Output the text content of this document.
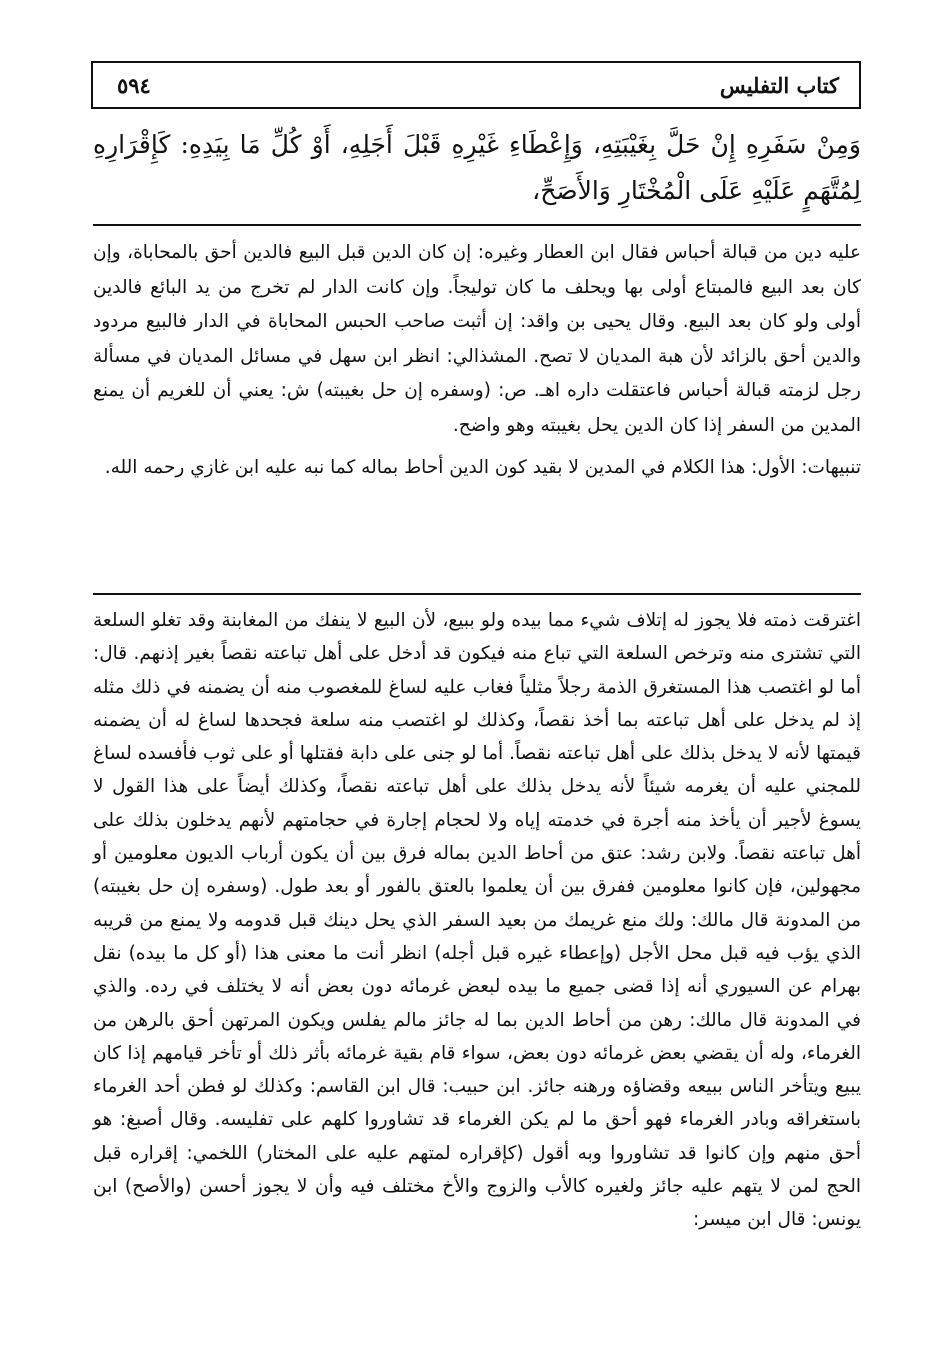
٥٩٤	كتاب التفليس
وَمِنْ سَفَرِهِ إِنْ حَلَّ بِغَيْبَتِهِ، وَإِعْطَاءِ غَيْرِهِ قَبْلَ أَجَلِهِ، أَوْ كُلِّ مَا بِيَدِهِ: كَإِقْرَارِهِ لِمُتَّهَمٍ عَلَيْهِ عَلَى الْمُخْتَارِ وَالأَصَحِّ،

عليه دين من قبالة أحباس فقال ابن العطار وغيره: إن كان الدين قبل البيع فالدين أحق بالمحاباة، وإن كان بعد البيع فالمبتاع أولى بها ويحلف ما كان توليجاً. وإن كانت الدار لم تخرج من يد البائع فالدين أولى ولو كان بعد البيع. وقال يحيى بن واقد: إن أثبت صاحب الحبس المحاباة في الدار فالبيع مردود والدين أحق بالزائد لأن هبة المديان لا تصح. المشذالي: انظر ابن سهل في مسائل المديان في مسألة رجل لزمته قبالة أحباس فاعتقلت داره اهـ. ص: (وسفره إن حل بغيبته) ش: يعني أن للغريم أن يمنع المدين من السفر إذا كان الدين يحل بغيبته وهو واضح.

تنبيهات: الأول: هذا الكلام في المدين لا بقيد كون الدين أحاط بماله كما نبه عليه ابن غازي رحمه الله.

اغترقت ذمته فلا يجوز له إتلاف شيء مما بيده ولو ببيع، لأن البيع لا ينفك من المغابنة وقد تغلو السلعة التي تشترى منه وترخص السلعة التي تباع منه فيكون قد أدخل على أهل تباعته نقصاً بغير إذنهم. قال: أما لو اغتصب هذا المستغرق الذمة رجلاً مثلياً فغاب عليه لساغ للمغصوب منه أن يضمنه في ذلك مثله إذ لم يدخل على أهل تباعته بما أخذ نقصاً، وكذلك لو اغتصب منه سلعة فجحدها لساغ له أن يضمنه قيمتها لأنه لا يدخل بذلك على أهل تباعته نقصاً. أما لو جنى على دابة فقتلها أو على ثوب فأفسده لساغ للمجني عليه أن يغرمه شيئاً لأنه يدخل بذلك على أهل تباعته نقصاً، وكذلك أيضاً على هذا القول لا يسوغ لأجير أن يأخذ منه أجرة في خدمته إياه ولا لحجام إجارة في حجامتهم لأنهم يدخلون بذلك على أهل تباعته نقصاً. ولابن رشد: عتق من أحاط الدين بماله فرق بين أن يكون أرباب الديون معلومين أو مجهولين، فإن كانوا معلومين ففرق بين أن يعلموا بالعتق بالفور أو بعد طول. (وسفره إن حل بغيبته) من المدونة قال مالك: ولك منع غريمك من بعيد السفر الذي يحل دينك قبل قدومه ولا يمنع من قريبه الذي يؤب فيه قبل محل الأجل (وإعطاء غيره قبل أجله) انظر أنت ما معنى هذا (أو كل ما بيده) نقل بهرام عن السيوري أنه إذا قضى جميع ما بيده لبعض غرمائه دون بعض أنه لا يختلف في رده. والذي في المدونة قال مالك: رهن من أحاط الدين بما له جائز مالم يفلس ويكون المرتهن أحق بالرهن من الغرماء، وله أن يقضي بعض غرمائه دون بعض، سواء قام بقية غرمائه بأثر ذلك أو تأخر قيامهم إذا كان يبيع ويتأخر الناس ببيعه وقضاؤه ورهنه جائز. ابن حبيب: قال ابن القاسم: وكذلك لو فطن أحد الغرماء باستغراقه وبادر الغرماء فهو أحق ما لم يكن الغرماء قد تشاوروا كلهم على تفليسه. وقال أصبغ: هو أحق منهم وإن كانوا قد تشاوروا وبه أقول (كإقراره لمتهم عليه على المختار) اللخمي: إقراره قبل الحج لمن لا يتهم عليه جائز ولغيره كالأب والزوج والأخ مختلف فيه وأن لا يجوز أحسن (والأصح) ابن يونس: قال ابن ميسر:
